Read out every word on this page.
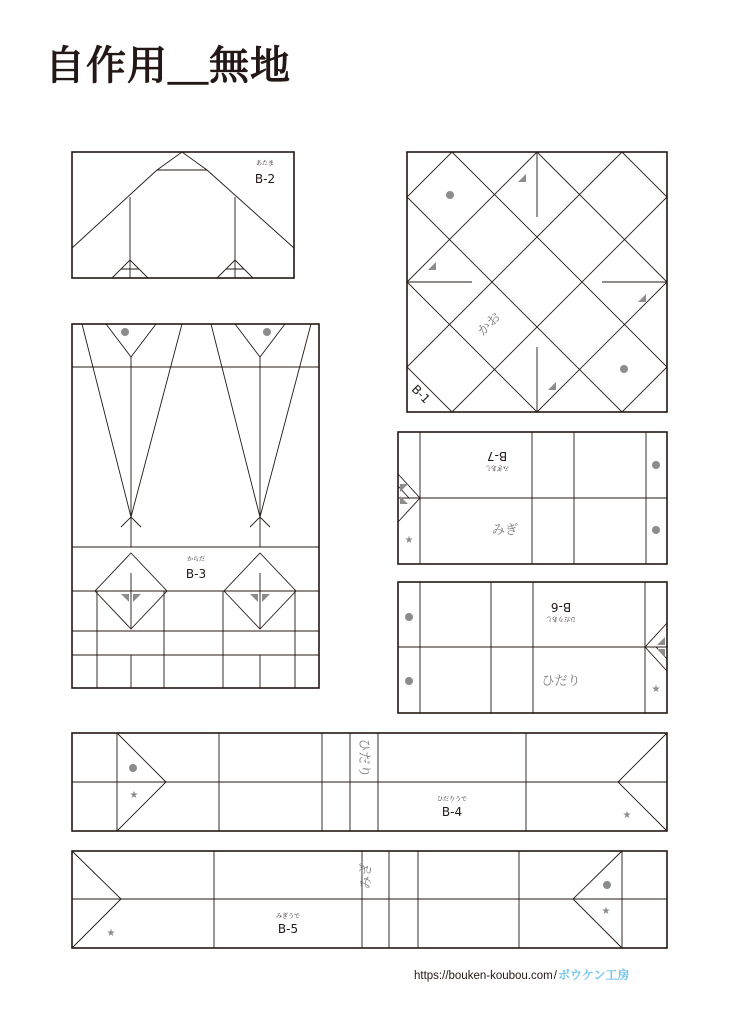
自作用＿無地
あたま
B-2
かお
B-1
からだ
B-3
★
B-7
みぎあし
みぎ
★
B-6
ひだりあし
ひだり
★
★
ひだり
ひだりうで
B-4
★
★
みぎ
みぎうで
B-5
https://bouken-koubou.com/ボウケン工房
